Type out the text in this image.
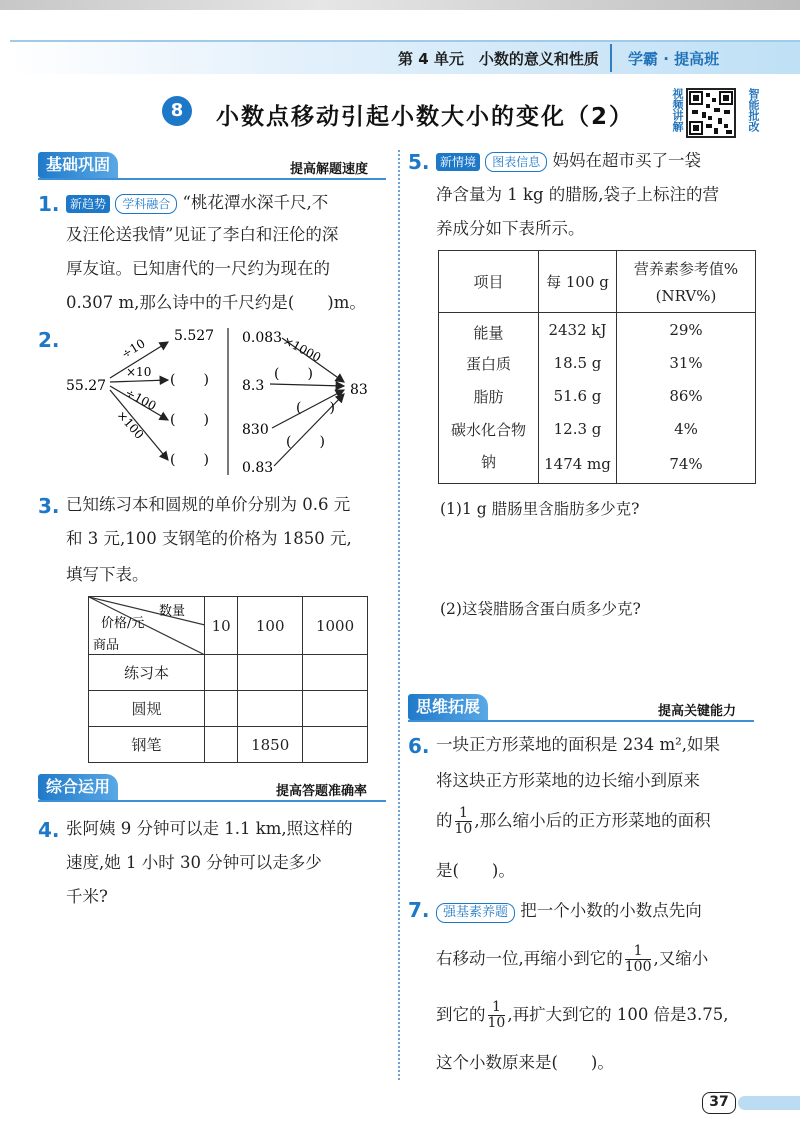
第 4 单元　小数的意义和性质 学霸 · 提高班
8	小数点移动引起小数大小的变化（2）	视频讲解	智能批改
基础巩固	提高解题速度
1. 新趋势 学科融合 “桃花潭水深千尺,不
及汪伦送我情”见证了李白和汪伦的深
厚友谊。已知唐代的一尺约为现在的
0.307 m,那么诗中的千尺约是(　　)m。
2.
55.27
÷10
×10
÷100
×100
5.527
(　　)
(　　)
(　　)
0.083
8.3
830
0.83
×1000
(　　)
(　　)
(　　)
83
3. 已知练习本和圆规的单价分别为 0.6 元
和 3 元,100 支钢笔的价格为 1850 元,
填写下表。
数量
价格/元
商品	10	100	1000
练习本			
圆规			
钢笔		1850	
综合运用	提高答题准确率
4. 张阿姨 9 分钟可以走 1.1 km,照这样的
速度,她 1 小时 30 分钟可以走多少
千米?
5. 新情境 图表信息 妈妈在超市买了一袋
净含量为 1 kg 的腊肠,袋子上标注的营
养成分如下表所示。
项目	每 100 g	营养素参考值%
(NRV%)

能量	2432 kJ	29%
蛋白质	18.5 g	31%
脂肪	51.6 g	86%
碳水化合物	12.3 g	4%
钠	1474 mg	74%
(1)1 g 腊肠里含脂肪多少克?
(2)这袋腊肠含蛋白质多少克?
思维拓展	提高关键能力
6. 一块正方形菜地的面积是 234 m²,如果
将这块正方形菜地的边长缩小到原来
的 $\frac{1}{10}$ ,那么缩小后的正方形菜地的面积
是(　　)。
7.	强基素养题 把一个小数的小数点先向
右移动一位,再缩小到它的 $\frac{1}{100}$ ,又缩小
到它的 $\frac{1}{10}$ ,再扩大到它的 100 倍是3.75,
这个小数原来是(　　)。
37
